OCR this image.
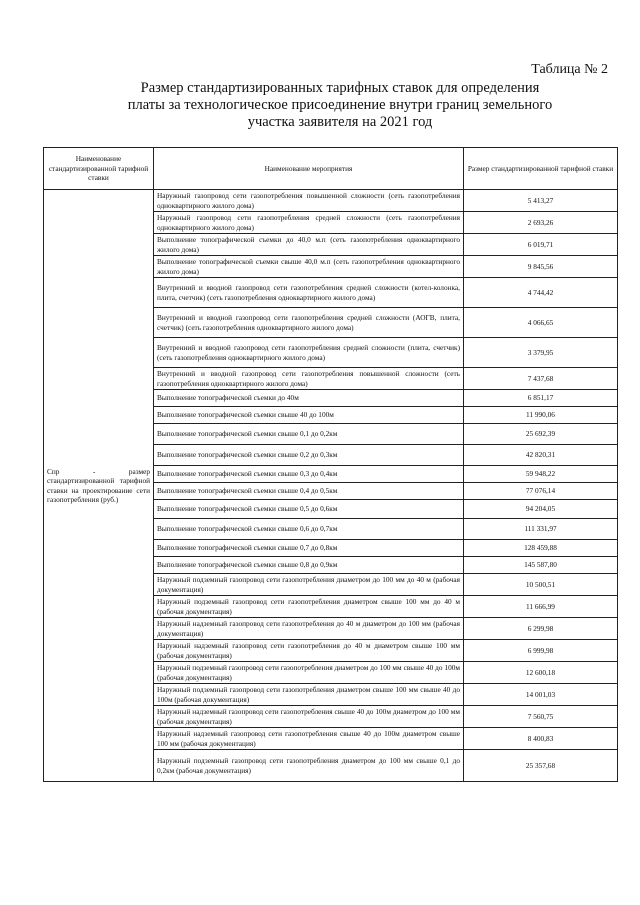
Таблица № 2
Размер стандартизированных тарифных ставок для определения
платы за технологическое присоединение внутри границ земельного
участка заявителя на 2021 год
Наименование стандартизированной тарифной ставки	Наименование мероприятия	Размер стандартизированной тарифной ставки
Спр - размер стандартизированной тарифной ставки на проектирование сети газопотребления (руб.)	Наружный газопровод сети газопотребления повышенной сложности (сеть газопотребления одноквартирного жилого дома)	5 413,27
	Наружный газопровод сети газопотребления средней сложности (сеть газопотребления одноквартирного жилого дома)	2 693,26
	Выполнение топографической съемки до 40,0 м.п (сеть газопотребления одноквартирного жилого дома)	6 019,71
	Выполнение топографической съемки свыше 40,0 м.п (сеть газопотребления одноквартирного жилого дома)	9 845,56
	Внутренний и вводной газопровод сети газопотребления средней сложности (котел-колонка, плита, счетчик) (сеть газопотребления одноквартирного жилого дома)	4 744,42
	Внутренний и вводной газопровод сети газопотребления средней сложности (АОГВ, плита, счетчик) (сеть газопотребления одноквартирного жилого дома)	4 066,65
	Внутренний и вводной газопровод сети газопотребления средней сложности (плита, счетчик) (сеть газопотребления одноквартирного жилого дома)	3 379,95
	Внутренний и вводной газопровод сети газопотребления повышенной сложности (сеть газопотребления одноквартирного жилого дома)	7 437,68
	Выполнение топографической съемки до 40м	6 851,17
	Выполнение топографической съемки свыше 40 до 100м	11 990,06
	Выполнение топографической съемки свыше 0,1 до 0,2км	25 692,39
	Выполнение топографической съемки свыше 0,2 до 0,3км	42 820,31
	Выполнение топографической съемки свыше 0,3 до 0,4км	59 948,22
	Выполнение топографической съемки свыше 0,4 до 0,5км	77 076,14
	Выполнение топографической съемки свыше 0,5 до 0,6км	94 204,05
	Выполнение топографической съемки свыше 0,6 до 0,7км	111 331,97
	Выполнение топографической съемки свыше 0,7 до 0,8км	128 459,88
	Выполнение топографической съемки свыше 0,8 до 0,9км	145 587,80
	Наружный подземный газопровод сети газопотребления диаметром до 100 мм до 40 м (рабочая документация)	10 500,51
	Наружный подземный газопровод сети газопотребления диаметром свыше 100 мм до 40 м (рабочая документация)	11 666,99
	Наружный надземный газопровод сети газопотребления до 40 м диаметром до 100 мм (рабочая документация)	6 299,98
	Наружный надземный газопровод сети газопотребления до 40 м диаметром свыше 100 мм (рабочая документация)	6 999,98
	Наружный подземный газопровод сети газопотребления диаметром до 100 мм свыше 40 до 100м (рабочая документация)	12 600,18
	Наружный подземный газопровод сети газопотребления диаметром свыше 100 мм свыше 40 до 100м (рабочая документация)	14 001,03
	Наружный надземный газопровод сети газопотребления свыше 40 до 100м диаметром до 100 мм (рабочая документация)	7 560,75
	Наружный надземный газопровод сети газопотребления свыше 40 до 100м диаметром свыше 100 мм (рабочая документация)	8 400,83
	Наружный подземный газопровод сети газопотребления диаметром до 100 мм свыше 0,1 до 0,2км (рабочая документация)	25 357,68
